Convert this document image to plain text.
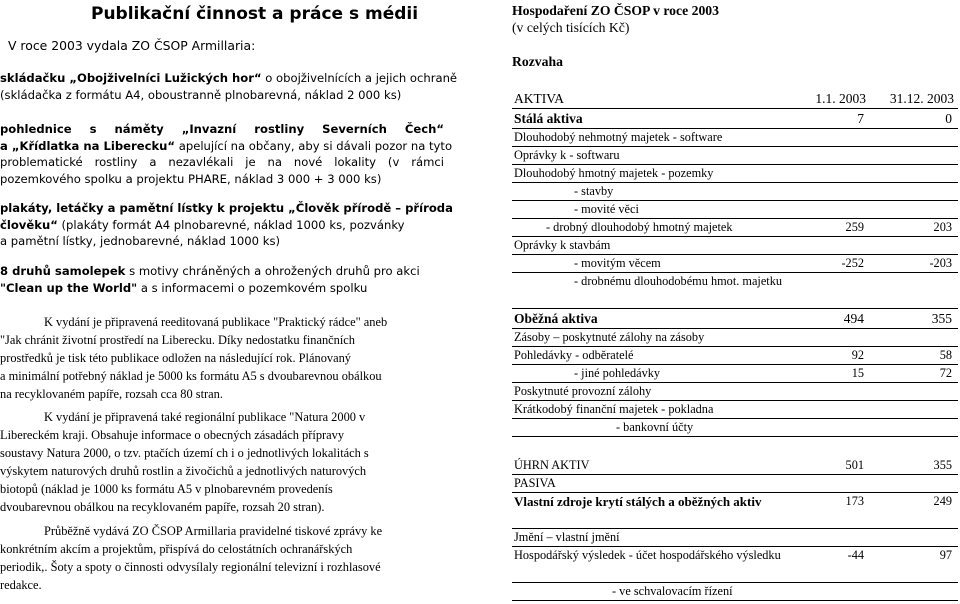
Publikační činnost a práce s médii
V roce 2003 vydala ZO ČSOP Armillaria:
skládačku „Obojživelníci Lužických hor“ o obojživelnících a jejich ochraně
(skládačka z formátu A4, oboustranně plnobarevná, náklad 2 000 ks)
pohlednice s náměty „Invazní rostliny Severních Čech“
a „Křídlatka na Liberecku“ apelující na občany, aby si dávali pozor na tyto
problematické rostliny a nezavlékali je na nové lokality (v rámci
pozemkového spolku a projektu PHARE, náklad 3 000 + 3 000 ks)
plakáty, letáčky a pamětní lístky k projektu „Člověk přírodě – příroda
člověku“ (plakáty formát A4 plnobarevné, náklad 1000 ks, pozvánky
a pamětní lístky, jednobarevné, náklad 1000 ks)
8 druhů samolepek s motivy chráněných a ohrožených druhů pro akci
"Clean up the World" a s informacemi o pozemkovém spolku
K vydání je připravená reeditovaná publikace "Praktický rádce" aneb
"Jak chránit životní prostředí na Liberecku. Díky nedostatku finančních
prostředků je tisk této publikace odložen na následující rok. Plánovaný
a minimální potřebný náklad je 5000 ks formátu A5 s dvoubarevnou obálkou
na recyklovaném papíře, rozsah cca 80 stran.
K vydání je připravená také regionální publikace "Natura 2000 v
Libereckém kraji. Obsahuje informace o obecných zásadách přípravy
soustavy Natura 2000, o tzv. ptačích území ch i o jednotlivých lokalitách s
výskytem naturových druhů rostlin a živočichů a jednotlivých naturových
biotopů (náklad je 1000 ks formátu A5 v plnobarevném provedenís
dvoubarevnou obálkou na recyklovaném papíře, rozsah 20 stran).
Průběžně vydává ZO ČSOP Armillaria pravidelné tiskové zprávy ke
konkrétním akcím a projektům, přispívá do celostátních ochranářských
periodik,. Šoty a spoty o činnosti odvysílaly regionální televizní i rozhlasové
redakce.
Hospodaření ZO ČSOP v roce 2003
(v celých tisících Kč)
Rozvaha
AKTIVA	1.1. 2003	31.12. 2003
Stálá aktiva	7	0
Dlouhodobý nehmotný majetek - software		
Oprávky k - softwaru		
Dlouhodobý hmotný majetek - pozemky		
- stavby		
- movité věci		
- drobný dlouhodobý hmotný majetek	259	203
Oprávky k stavbám		
- movitým věcem	-252	-203
- drobnému dlouhodobému hmot. majetku		
Oběžná aktiva	494	355
Zásoby – poskytnuté zálohy na zásoby		
Pohledávky - odběratelé	92	58
- jiné pohledávky	15	72
Poskytnuté provozní zálohy		
Krátkodobý finanční majetek - pokladna		
- bankovní účty		

ÚHRN AKTIV	501	355
PASIVA		
Vlastní zdroje krytí stálých a oběžných aktiv	173	249
Jmění – vlastní jmění		
Hospodářský výsledek - účet hospodářského výsledku	-44	97
- ve schvalovacím řízení		
